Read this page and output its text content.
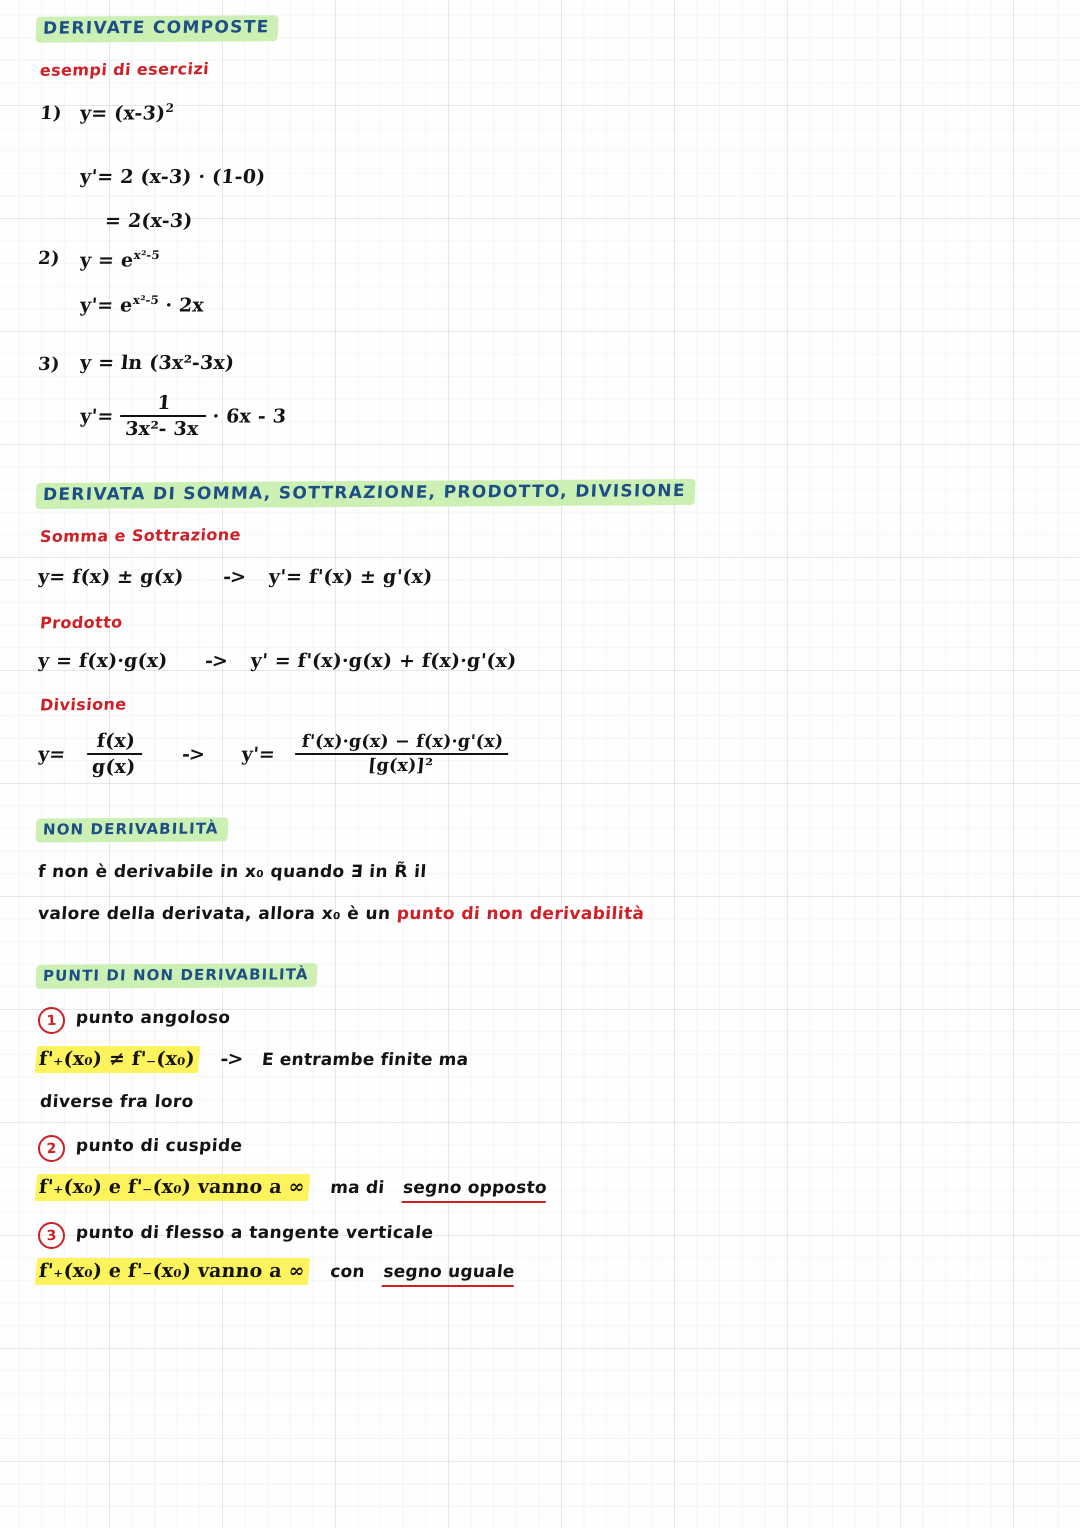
DERIVATE COMPOSTE
esempi di esercizi
1) $y= (x-3)^2$
y'= 2 (x-3) · (1-0)
= 2(x-3)
2) $y = e^{x^2-5}$
$y'= e^{x^2-5} \cdot 2x$
3) y = ln (3x²-3x)
$y'= \frac{1}{\text{3x²- 3x}} \cdot 6x - 3$
DERIVATA DI SOMMA, SOTTRAZIONE, PRODOTTO, DIVISIONE
Somma e Sottrazione
y= f(x) ± g(x) -> y'= f'(x) ± g'(x)
Prodotto
y = f(x)·g(x) -> y' = f'(x)·g(x) + f(x)·g'(x)
Divisione
$y= \frac{f(x)}{g(x)} -> y'= \frac{f'(x)\cdot g(x) - f(x)\cdot g'(x)}{\text{[g(x)]²}}$
NON DERIVABILITÀ
f non è derivabile in x₀ quando ∃ in R̃ il
valore della derivata, allora x₀ è un punto di non derivabilità
PUNTI DI NON DERIVABILITÀ
1	punto angoloso
f'₊(x₀) ≠ f'₋(x₀) -> E entrambe finite ma
diverse fra loro
2	punto di cuspide
f'₊(x₀) e f'₋(x₀) vanno a ∞ ma di segno opposto
3	punto di flesso a tangente verticale
f'₊(x₀) e f'₋(x₀) vanno a ∞ con segno uguale
